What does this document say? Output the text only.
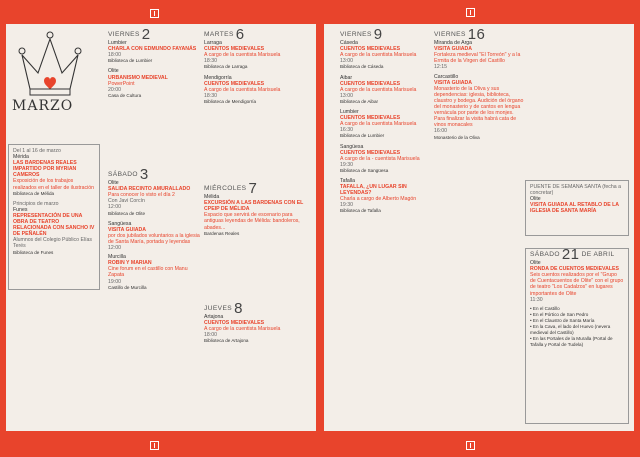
MARZO
Del 1 al 16 de marzo
Mérida
LAS BARDENAS REALES IMPARTIDO POR MYRIAN CAMEROS
Exposición de los trabajos realizados en el taller de ilustración
Biblioteca de Mélida
Principios de marzo
Funes
REPRESENTACIÓN DE UNA OBRA DE TEATRO RELACIONADA CON SANCHO IV DE PEÑALÉN
Alumnos del Colegio Público Elías Terés
Biblioteca de Funes
VIERNES 2
Lumbier
CHARLA CON EDMUNDO FAYANÁS
18:00
Biblioteca de Lumbier
Olite
URBANISMO MEDIEVAL
PowerPoint
20:00
Casa de Cultura
SÁBADO 3
Olite
SALIDA RECINTO AMURALLADO
Para conocer lo visto el día 2
Con Javi Corcín
12:00
Biblioteca de Olite
Sangüesa
VISITA GUIADA
por dos jubilados voluntarios a la iglesia de Santa María, portada y leyendas
12:00
Murcilla
ROBIN Y MARIAN
Cine forum en el castillo con Manu Zapata
19:00
Castillo de Murcilla
MARTES 6
Larraga
CUENTOS MEDIEVALES
A cargo de la cuentista Marisuela
18:30
Biblioteca de Larraga
Mendigorría
CUENTOS MEDIEVALES
A cargo de la cuentista Marisuela
18:30
Biblioteca de Mendigorría
MIÉRCOLES 7
Mélida
EXCURSIÓN A LAS BARDENAS CON EL CPEIP DE MÉLIDA
Espacio que servirá de escenario para antiguas leyendas de Mélida: bandoleros, abades...
Bardenas Reales
JUEVES 8
Artajona
CUENTOS MEDIEVALES
A cargo de la cuentista Marisuela
18:00
Biblioteca de Artajona
VIERNES 9
Cáseda
CUENTOS MEDIEVALES
A cargo de la cuentista Marisuela
13:00
Biblioteca de Cáseda
Aibar
CUENTOS MEDIEVALES
A cargo de la cuentista Marisuela
13:00
Biblioteca de Aibar
Lumbier
CUENTOS MEDIEVALES
A cargo de la cuentista Marisuela
16:30
Biblioteca de Lumbier
Sangüesa
CUENTOS MEDIEVALES
A cargo de la - cuentista Marisuela
19:30
Biblioteca de Sangüesa
Tafalla
TAFALLA, ¿UN LUGAR SIN LEYENDAS?
Charla a cargo de Alberto Magón
19:30
Biblioteca de Tafalla
VIERNES 16
Miranda de Arga
VISITA GUIADA
Fortaleza medieval "El Torreón" y a la Ermita de la Virgen del Castillo
12:15
Carcastillo
VISITA GUIADA
Monasterio de la Oliva y sus dependencias: iglesia, biblioteca, claustro y bodega. Audición del órgano del monasterio y de cantos en lengua vernácula por parte de los monjes. Para finalizar la visita habrá cata de vinos monacales
16:00
Monasterio de la Oliva
PUENTE DE SEMANA SANTA (fecha a concretar)
Olite
VISITA GUIADA AL RETABLO DE LA IGLESIA DE SANTA MARÍA
SÁBADO 21 DE ABRIL
Olite
RONDA DE CUENTOS MEDIEVALES
Seis cuentos realizados por el "Grupo de Cuentacuentos de Olite" con el grupo de teatro "Los Cadalzos" en lugares importantes de Olite
11:30
• En el Castillo
• En el Pórtico de San Pedro
• En el Claustro de Santa María
• En la Cava, el lado del Huevo (nevera medieval del Castillo)
• En las Portales de la Muralla (Portal de Tafalla y Portal de Tudela)
